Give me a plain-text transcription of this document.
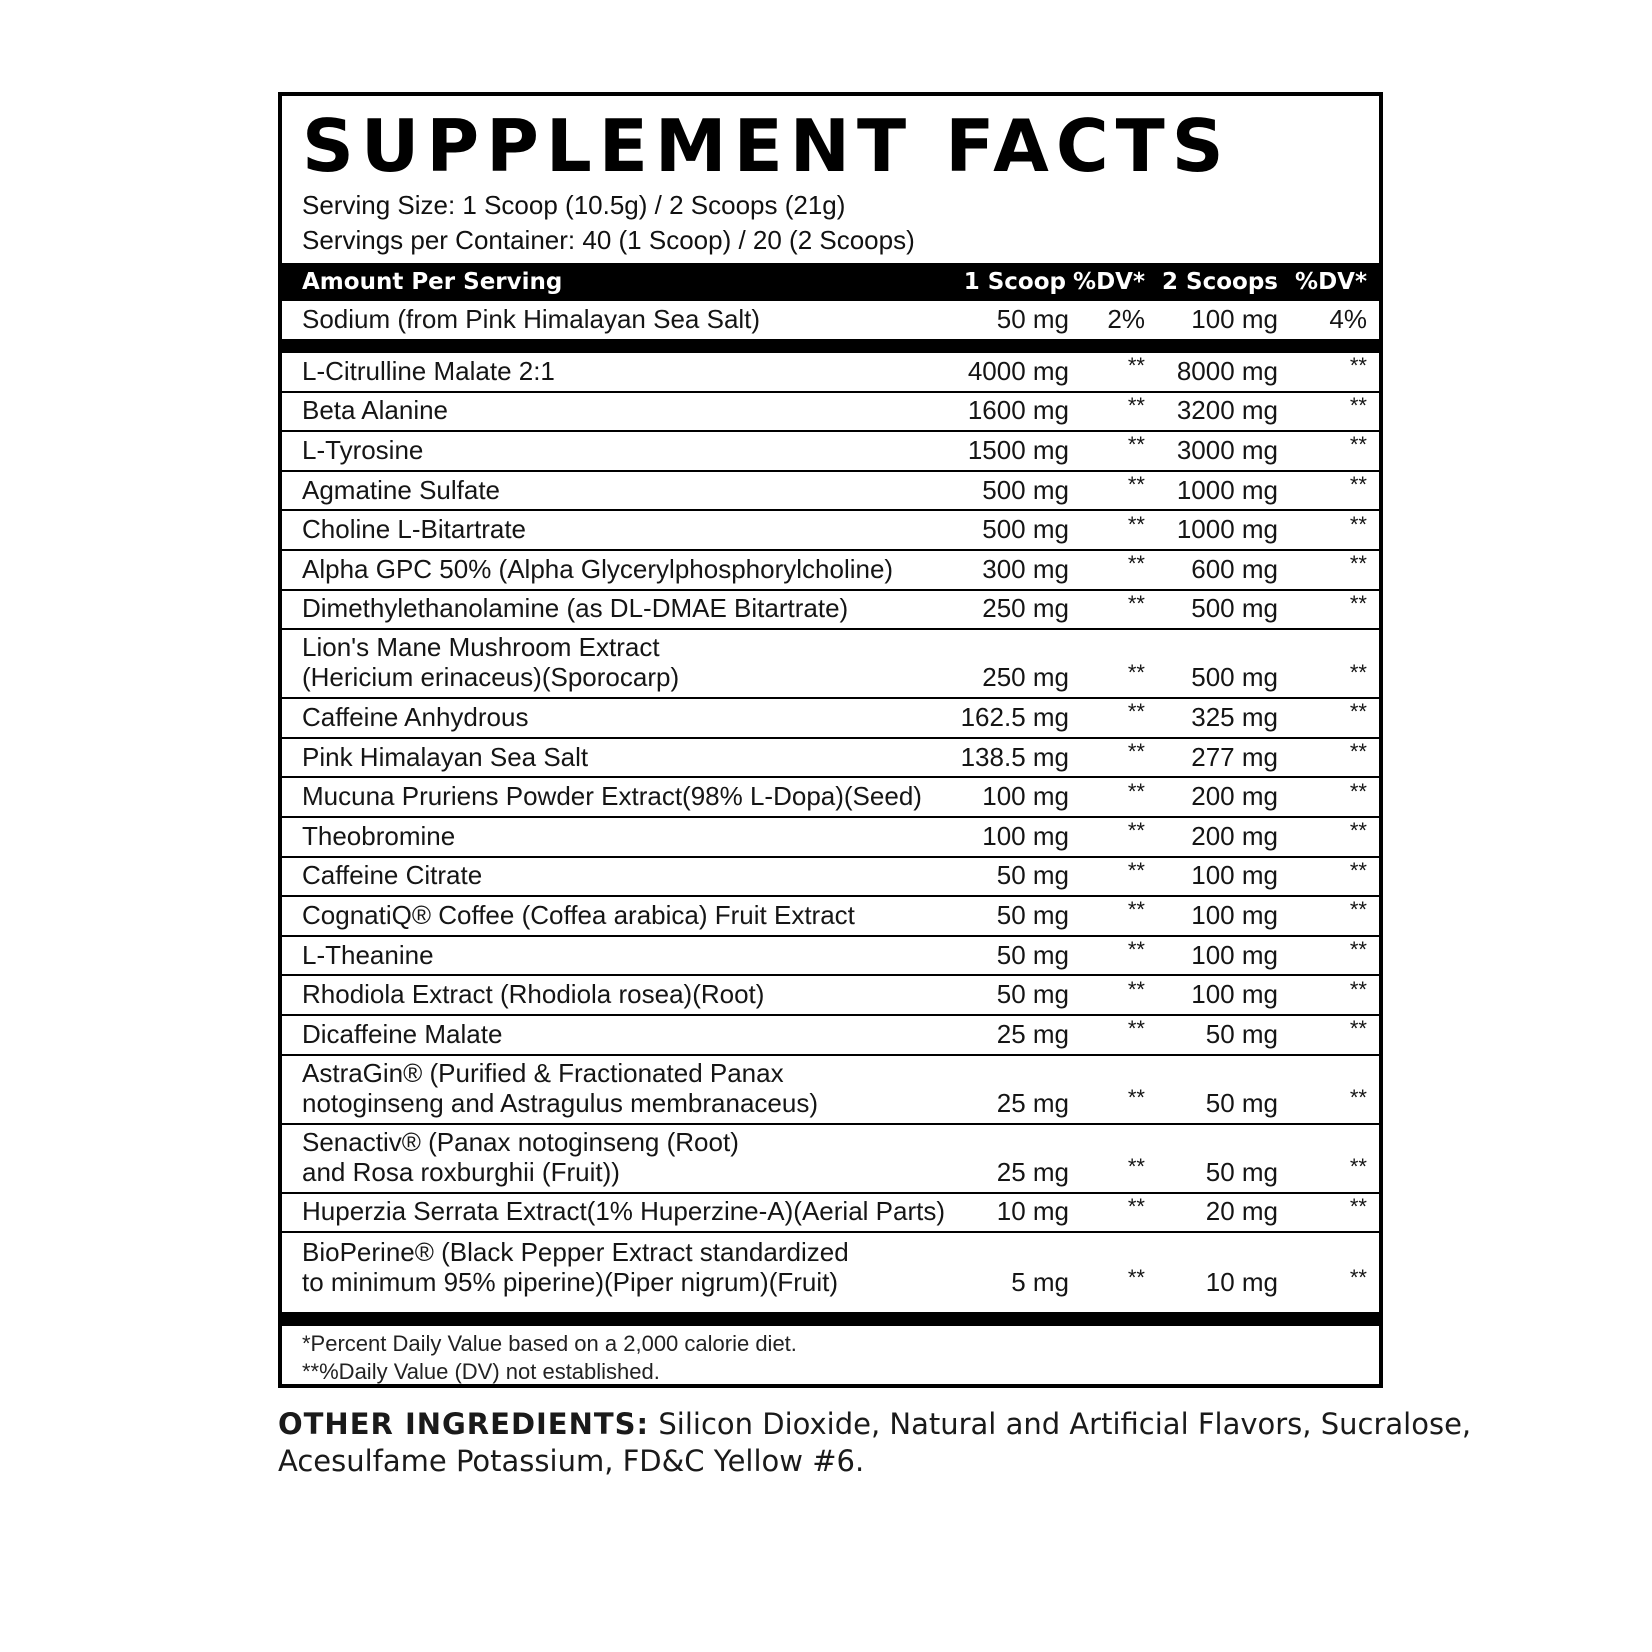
SUPPLEMENT FACTS
Serving Size: 1 Scoop (10.5g) / 2 Scoops (21g)
Servings per Container: 40 (1 Scoop) / 20 (2 Scoops)
Amount Per Serving	1 Scoop %DV* 2 Scoops %DV*
Sodium (from Pink Himalayan Sea Salt)	50 mg 2% 100 mg 4%
L-Citrulline Malate 2:1	4000 mg	** 8000 mg	**
Beta Alanine	1600 mg	** 3200 mg	**
L-Tyrosine	1500 mg	** 3000 mg	**
Agmatine Sulfate	500 mg	** 1000 mg	**
Choline L-Bitartrate	500 mg	** 1000 mg	**
Alpha GPC 50% (Alpha Glycerylphosphorylcholine)	300 mg	** 600 mg	**
Dimethylethanolamine (as DL-DMAE Bitartrate)	250 mg	** 500 mg	**
Lion's Mane Mushroom Extract
(Hericium erinaceus)(Sporocarp)	250 mg	** 500 mg	**
Caffeine Anhydrous	162.5 mg	** 325 mg	**
Pink Himalayan Sea Salt	138.5 mg	** 277 mg	**
Mucuna Pruriens Powder Extract(98% L-Dopa)(Seed) 100 mg	** 200 mg	**
Theobromine	100 mg	** 200 mg	**
Caffeine Citrate	50 mg	** 100 mg	**
CognatiQ® Coffee (Coffea arabica) Fruit Extract	50 mg	** 100 mg	**
L-Theanine	50 mg	** 100 mg	**
Rhodiola Extract (Rhodiola rosea)(Root)	50 mg	** 100 mg	**
Dicaffeine Malate	25 mg	** 50 mg	**
AstraGin® (Purified & Fractionated Panax
notoginseng and Astragulus membranaceus)	25 mg	** 50 mg	**
Senactiv® (Panax notoginseng (Root)
and Rosa roxburghii (Fruit))	25 mg	** 50 mg	**
Huperzia Serrata Extract(1% Huperzine-A)(Aerial Parts) 10 mg	** 20 mg	**
BioPerine® (Black Pepper Extract standardized
to minimum 95% piperine)(Piper nigrum)(Fruit)	5 mg	** 10 mg	**
*Percent Daily Value based on a 2,000 calorie diet.
**%Daily Value (DV) not established.
OTHER INGREDIENTS: Silicon Dioxide, Natural and Artificial Flavors, Sucralose,
Acesulfame Potassium, FD&C Yellow #6.
